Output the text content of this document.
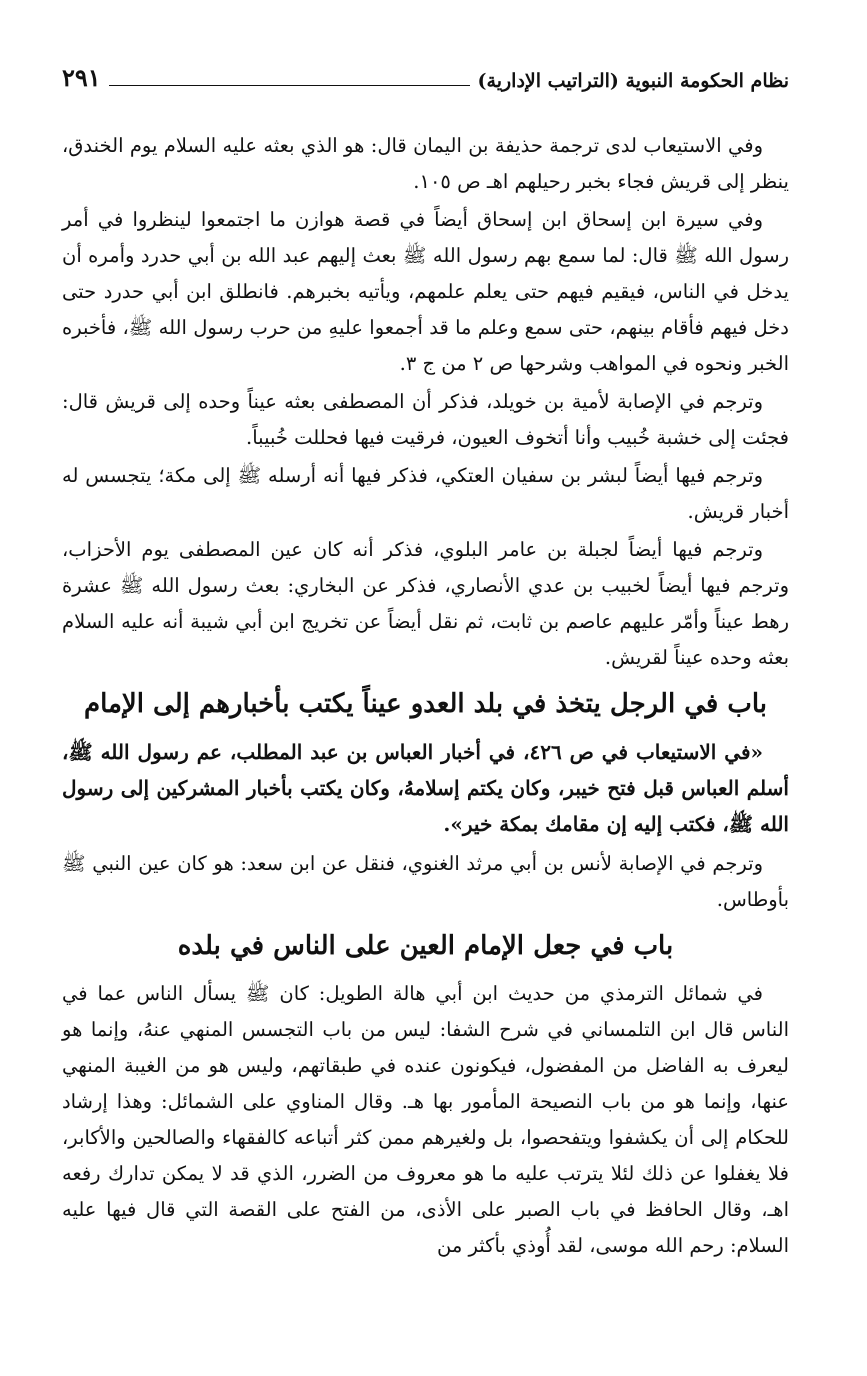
نظام الحكومة النبوية (التراتيب الإدارية)
٢٩١

وفي الاستيعاب لدى ترجمة حذيفة بن اليمان قال: هو الذي بعثه عليه السلام يوم الخندق، ينظر إلى قريش فجاء بخبر رحيلهم اهـ ص ١٠٥.

وفي سيرة ابن إسحاق ابن إسحاق أيضاً في قصة هوازن ما اجتمعوا لينظروا في أمر رسول الله ﷺ قال: لما سمع بهم رسول الله ﷺ بعث إليهم عبد الله بن أبي حدرد وأمره أن يدخل في الناس، فيقيم فيهم حتى يعلم علمهم، ويأتيه بخبرهم. فانطلق ابن أبي حدرد حتى دخل فيهم فأقام بينهم، حتى سمع وعلم ما قد أجمعوا عليهِ من حرب رسول الله ﷺ، فأخبره الخبر ونحوه في المواهب وشرحها ص ٢ من ج ٣.

وترجم في الإصابة لأمية بن خويلد، فذكر أن المصطفى بعثه عيناً وحده إلى قريش قال: فجئت إلى خشبة خُبيب وأنا أتخوف العيون، فرقيت فيها فحللت خُبيباً.

وترجم فيها أيضاً لبشر بن سفيان العتكي، فذكر فيها أنه أرسله ﷺ إلى مكة؛ يتجسس له أخبار قريش.

وترجم فيها أيضاً لجبلة بن عامر البلوي، فذكر أنه كان عين المصطفى يوم الأحزاب، وترجم فيها أيضاً لخبيب بن عدي الأنصاري، فذكر عن البخاري: بعث رسول الله ﷺ عشرة رهط عيناً وأمّر عليهم عاصم بن ثابت، ثم نقل أيضاً عن تخريج ابن أبي شيبة أنه عليه السلام بعثه وحده عيناً لقريش.

باب في الرجل يتخذ في بلد العدو عيناً يكتب بأخبارهم إلى الإمام

«في الاستيعاب في ص ٤٢٦، في أخبار العباس بن عبد المطلب، عم رسول الله ﷺ، أسلم العباس قبل فتح خيبر، وكان يكتم إسلامهُ، وكان يكتب بأخبار المشركين إلى رسول الله ﷺ، فكتب إليه إن مقامك بمكة خير».

وترجم في الإصابة لأنس بن أبي مرثد الغنوي، فنقل عن ابن سعد: هو كان عين النبي ﷺ بأوطاس.

باب في جعل الإمام العين على الناس في بلده

في شمائل الترمذي من حديث ابن أبي هالة الطويل: كان ﷺ يسأل الناس عما في الناس قال ابن التلمساني في شرح الشفا: ليس من باب التجسس المنهي عنهُ، وإنما هو ليعرف به الفاضل من المفضول، فيكونون عنده في طبقاتهم، وليس هو من الغيبة المنهي عنها، وإنما هو من باب النصيحة المأمور بها هـ. وقال المناوي على الشمائل: وهذا إرشاد للحكام إلى أن يكشفوا ويتفحصوا، بل ولغيرهم ممن كثر أتباعه كالفقهاء والصالحين والأكابر، فلا يغفلوا عن ذلك لئلا يترتب عليه ما هو معروف من الضرر، الذي قد لا يمكن تدارك رفعه اهـ، وقال الحافظ في باب الصبر على الأذى، من الفتح على القصة التي قال فيها عليه السلام: رحم الله موسى، لقد أُوذي بأكثر من
